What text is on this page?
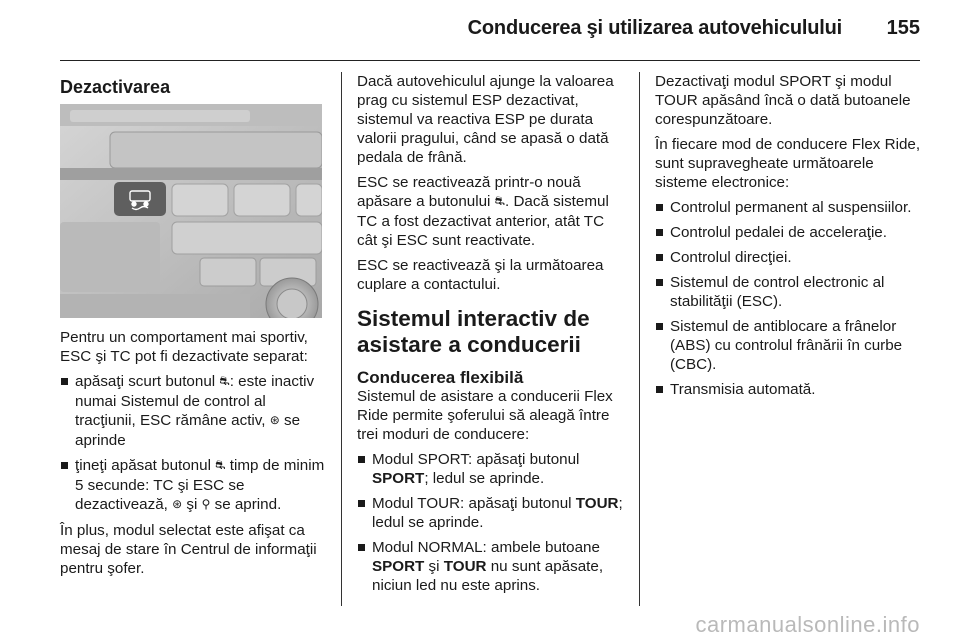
Conducerea şi utilizarea autovehiculului 155
Dezactivarea

Pentru un comportament mai sportiv, ESC şi TC pot fi dezactivate separat:

apăsaţi scurt butonul ⛐: este inactiv numai Sistemul de control al tracţiunii, ESC rămâne activ, ⊛ se aprinde
ţineţi apăsat butonul ⛐ timp de minim 5 secunde: TC şi ESC se dezactivează, ⊛ şi ⚲ se aprind.

În plus, modul selectat este afişat ca mesaj de stare în Centrul de informaţii pentru şofer.

Dacă autovehiculul ajunge la valoarea prag cu sistemul ESP dezactivat, sistemul va reactiva ESP pe durata valorii pragului, când se apasă o dată pedala de frână.

ESC se reactivează printr-o nouă apăsare a butonului ⛐. Dacă sistemul TC a fost dezactivat anterior, atât TC cât şi ESC sunt reactivate.

ESC se reactivează şi la următoarea cuplare a contactului.

Sistemul interactiv de asistare a conducerii
Conducerea flexibilă

Sistemul de asistare a conducerii Flex Ride permite şoferului să aleagă între trei moduri de conducere:

Modul SPORT: apăsaţi butonul SPORT; ledul se aprinde.
Modul TOUR: apăsaţi butonul TOUR; ledul se aprinde.
Modul NORMAL: ambele butoane SPORT şi TOUR nu sunt apăsate, niciun led nu este aprins.

Dezactivaţi modul SPORT şi modul TOUR apăsând încă o dată butoanele corespunzătoare.

În fiecare mod de conducere Flex Ride, sunt supravegheate următoarele sisteme electronice:

Controlul permanent al suspensiilor.
Controlul pedalei de acceleraţie.
Controlul direcţiei.
Sistemul de control electronic al stabilităţii (ESC).
Sistemul de antiblocare a frânelor (ABS) cu controlul frânării în curbe (CBC).
Transmisia automată.
carmanualsonline.info
